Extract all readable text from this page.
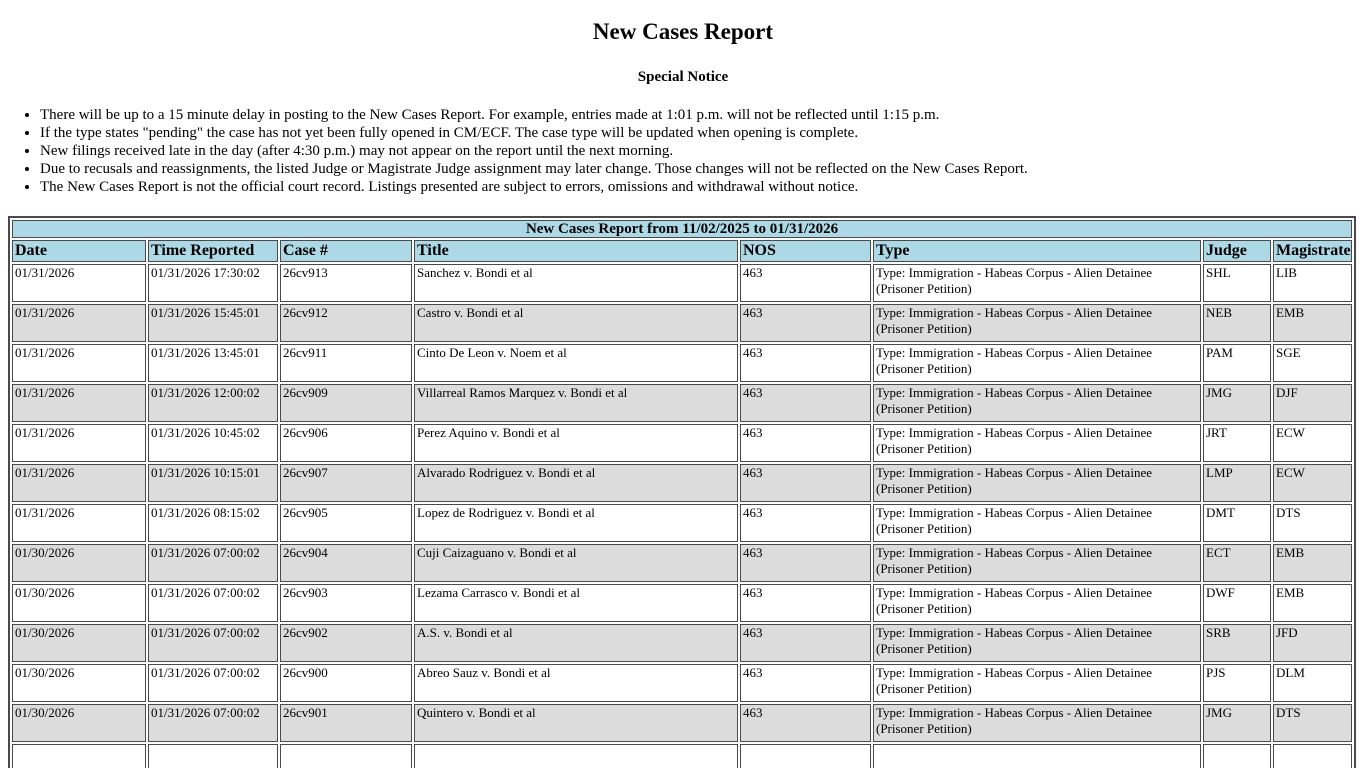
New Cases Report
Special Notice
• There will be up to a 15 minute delay in posting to the New Cases Report. For example, entries made at 1:01 p.m. will not be reflected until 1:15 p.m.
• If the type states "pending" the case has not yet been fully opened in CM/ECF. The case type will be updated when opening is complete.
• New filings received late in the day (after 4:30 p.m.) may not appear on the report until the next morning.
• Due to recusals and reassignments, the listed Judge or Magistrate Judge assignment may later change. Those changes will not be reflected on the New Cases Report.
• The New Cases Report is not the official court record. Listings presented are subject to errors, omissions and withdrawal without notice.
New Cases Report from 11/02/2025 to 01/31/2026							
Date	Time Reported	Case #	Title	NOS	Type	Judge	Magistrate
01/31/2026	01/31/2026 17:30:02	26cv913	Sanchez v. Bondi et al	463	Type: Immigration - Habeas Corpus - Alien Detainee (Prisoner Petition)	SHL	LIB
01/31/2026	01/31/2026 15:45:01	26cv912	Castro v. Bondi et al	463	Type: Immigration - Habeas Corpus - Alien Detainee (Prisoner Petition)	NEB	EMB
01/31/2026	01/31/2026 13:45:01	26cv911	Cinto De Leon v. Noem et al	463	Type: Immigration - Habeas Corpus - Alien Detainee (Prisoner Petition)	PAM	SGE
01/31/2026	01/31/2026 12:00:02	26cv909	Villarreal Ramos Marquez v. Bondi et al	463	Type: Immigration - Habeas Corpus - Alien Detainee (Prisoner Petition)	JMG	DJF
01/31/2026	01/31/2026 10:45:02	26cv906	Perez Aquino v. Bondi et al	463	Type: Immigration - Habeas Corpus - Alien Detainee (Prisoner Petition)	JRT	ECW
01/31/2026	01/31/2026 10:15:01	26cv907	Alvarado Rodriguez v. Bondi et al	463	Type: Immigration - Habeas Corpus - Alien Detainee (Prisoner Petition)	LMP	ECW
01/31/2026	01/31/2026 08:15:02	26cv905	Lopez de Rodriguez v. Bondi et al	463	Type: Immigration - Habeas Corpus - Alien Detainee (Prisoner Petition)	DMT	DTS
01/30/2026	01/31/2026 07:00:02	26cv904	Cuji Caizaguano v. Bondi et al	463	Type: Immigration - Habeas Corpus - Alien Detainee (Prisoner Petition)	ECT	EMB
01/30/2026	01/31/2026 07:00:02	26cv903	Lezama Carrasco v. Bondi et al	463	Type: Immigration - Habeas Corpus - Alien Detainee (Prisoner Petition)	DWF	EMB
01/30/2026	01/31/2026 07:00:02	26cv902	A.S. v. Bondi et al	463	Type: Immigration - Habeas Corpus - Alien Detainee (Prisoner Petition)	SRB	JFD
01/30/2026	01/31/2026 07:00:02	26cv900	Abreo Sauz v. Bondi et al	463	Type: Immigration - Habeas Corpus - Alien Detainee (Prisoner Petition)	PJS	DLM
01/30/2026	01/31/2026 07:00:02	26cv901	Quintero v. Bondi et al	463	Type: Immigration - Habeas Corpus - Alien Detainee (Prisoner Petition)	JMG	DTS
